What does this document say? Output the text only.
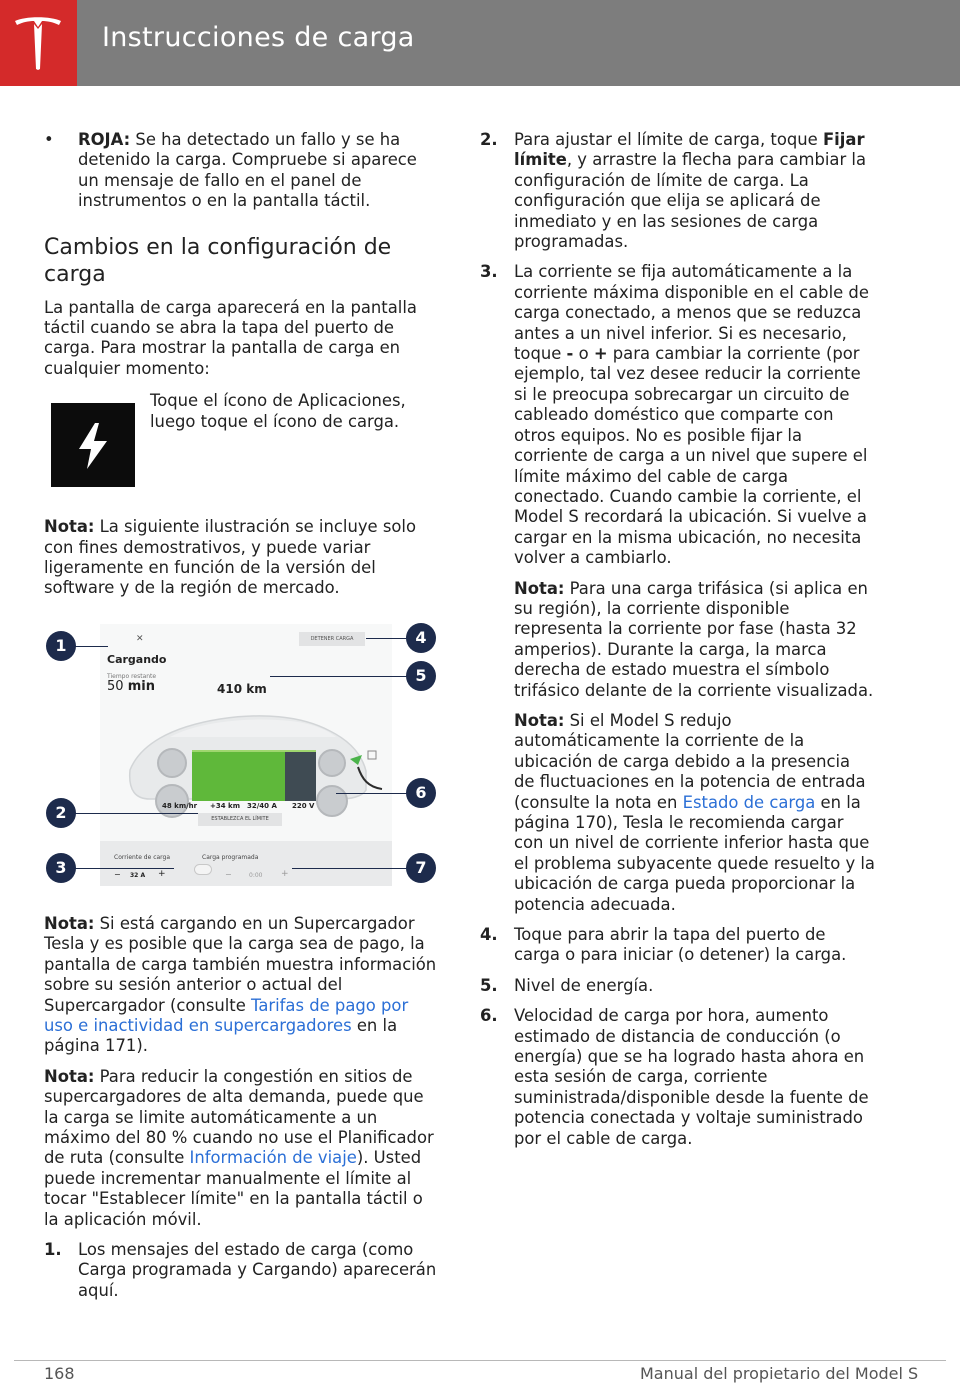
Instrucciones de carga
• ROJA: Se ha detectado un fallo y se ha detenido la carga. Compruebe si aparece un mensaje de fallo en el panel de instrumentos o en la pantalla táctil.
Cambios en la configuración de carga

La pantalla de carga aparecerá en la pantalla táctil cuando se abra la tapa del puerto de carga. Para mostrar la pantalla de carga en cualquier momento:

Toque el ícono de Aplicaciones, luego toque el ícono de carga.

Nota: La siguiente ilustración se incluye solo con fines demostrativos, y puede variar ligeramente en función de la versión del software y de la región de mercado.

✕
Cargando
Tiempo restante
50 min	410 km
DETENER CARGA
48 km/hr +34 km 32/40 A 220 V
ESTABLEZCA EL LÍMITE
Corriente de carga	Carga programada
− 32 A +	−	0:00 +
1
2
3
4
5
6
7

Nota: Si está cargando en un Supercargador Tesla y es posible que la carga sea de pago, la pantalla de carga también muestra información sobre su sesión anterior o actual del Supercargador (consulte Tarifas de pago por uso e inactividad en supercargadores en la página 171).

Nota: Para reducir la congestión en sitios de supercargadores de alta demanda, puede que la carga se limite automáticamente a un máximo del 80 % cuando no use el Planificador de ruta (consulte Información de viaje). Usted puede incrementar manualmente el límite al tocar "Establecer límite" en la pantalla táctil o la aplicación móvil.

1. Los mensajes del estado de carga (como Carga programada y Cargando) aparecerán aquí.
2. Para ajustar el límite de carga, toque Fijar límite, y arrastre la flecha para cambiar la configuración de límite de carga. La configuración que elija se aplicará de inmediato y en las sesiones de carga programadas.
3. La corriente se fija automáticamente a la corriente máxima disponible en el cable de carga conectado, a menos que se reduzca antes a un nivel inferior. Si es necesario, toque - o + para cambiar la corriente (por ejemplo, tal vez desee reducir la corriente si le preocupa sobrecargar un circuito de cableado doméstico que comparte con otros equipos. No es posible fijar la corriente de carga a un nivel que supere el límite máximo del cable de carga conectado. Cuando cambie la corriente, el Model S recordará la ubicación. Si vuelve a cargar en la misma ubicación, no necesita volver a cambiarlo.

Nota: Para una carga trifásica (si aplica en su región), la corriente disponible representa la corriente por fase (hasta 32 amperios). Durante la carga, la marca derecha de estado muestra el símbolo trifásico delante de la corriente visualizada.

Nota: Si el Model S redujo automáticamente la corriente de la ubicación de carga debido a la presencia de fluctuaciones en la potencia de entrada (consulte la nota en Estado de carga en la página 170), Tesla le recomienda cargar con un nivel de corriente inferior hasta que el problema subyacente quede resuelto y la ubicación de carga pueda proporcionar la potencia adecuada.

4. Toque para abrir la tapa del puerto de carga o para iniciar (o detener) la carga.
5. Nivel de energía.
6. Velocidad de carga por hora, aumento estimado de distancia de conducción (o energía) que se ha logrado hasta ahora en esta sesión de carga, corriente suministrada/disponible desde la fuente de potencia conectada y voltaje suministrado por el cable de carga.
168	Manual del propietario del Model S
